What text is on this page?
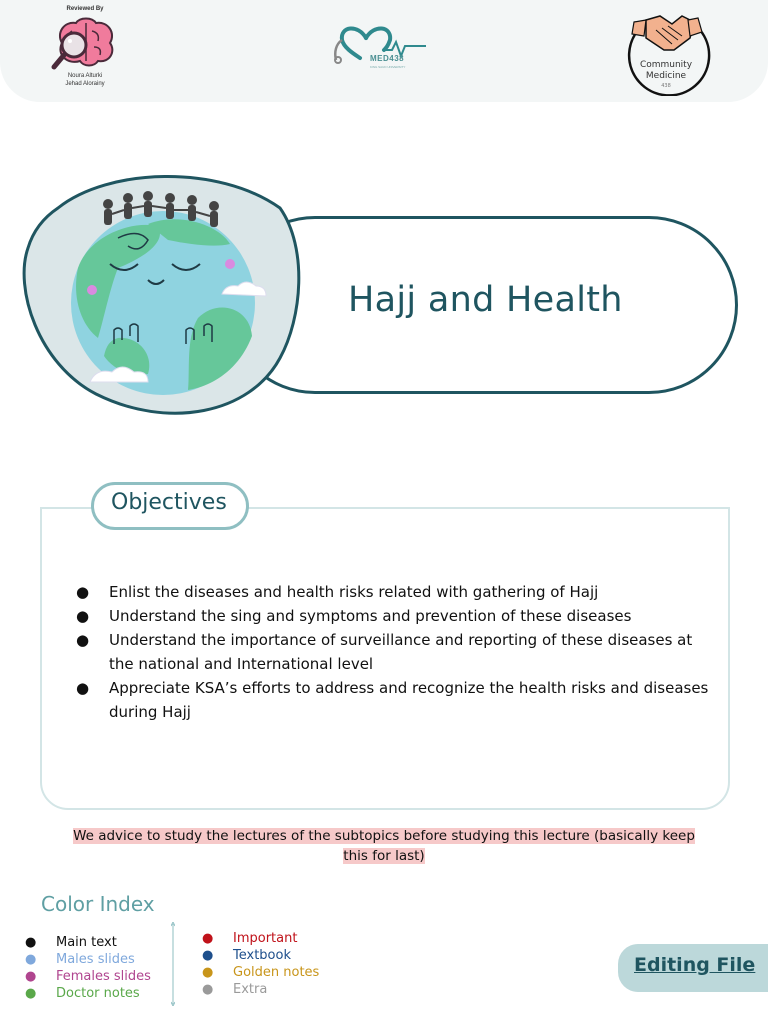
Reviewed By
Noura Alturki
Jehad Alorainy
MED438
KING SAUD UNIVERSITY	Community
Medicine
438
Hajj and Health
Objectives
● Enlist the diseases and health risks related with gathering of Hajj
● Understand the sing and symptoms and prevention of these diseases
● Understand the importance of surveillance and reporting of these diseases at the national and International level
● Appreciate KSA’s efforts to address and recognize the health risks and diseases during Hajj
We advice to study the lectures of the subtopics before studying this lecture (basically keep this for last)
Color Index
● Main text
● Males slides
● Females slides
● Doctor notes
● Important
● Textbook
● Golden notes
● Extra
Editing File
